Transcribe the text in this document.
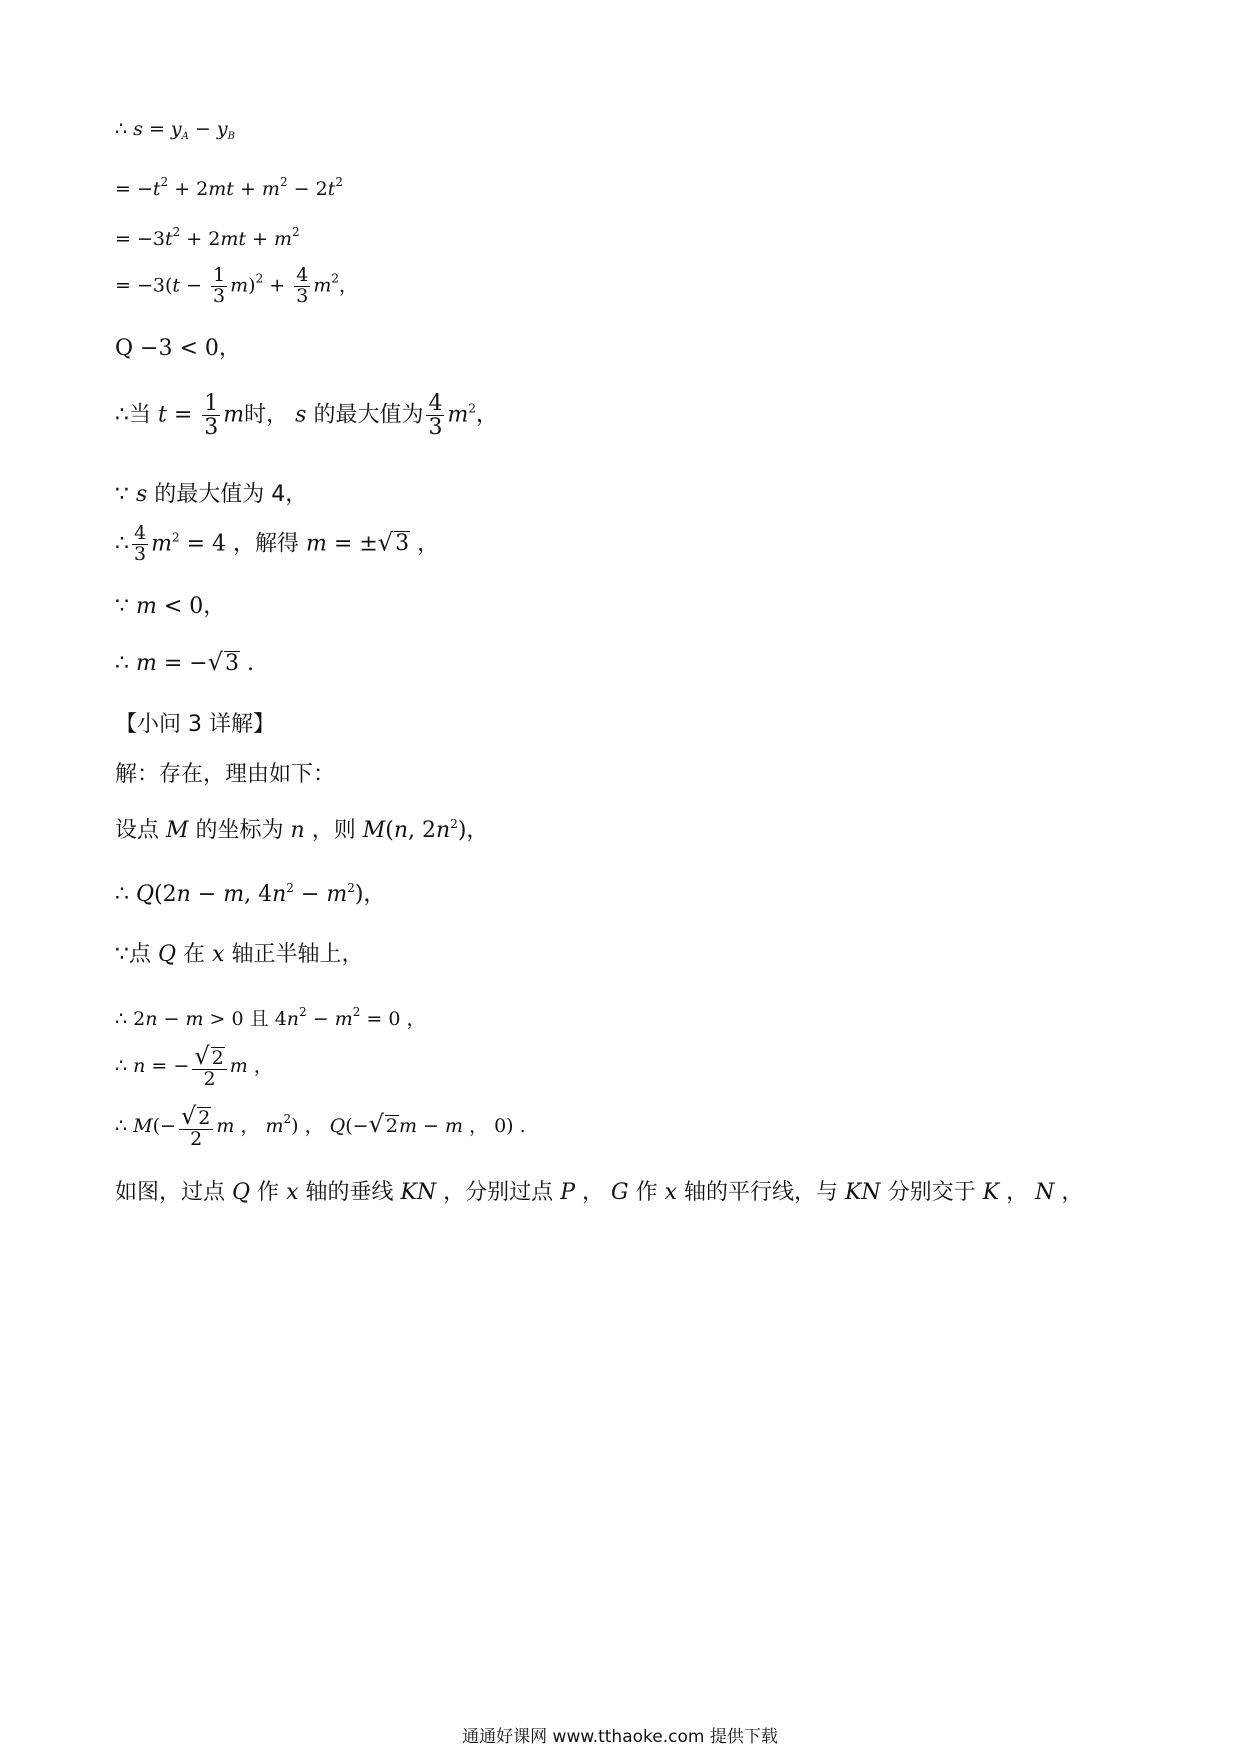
∴ $s = y_A - y_B$
= $-t^2 + 2mt + m^2 - 2t^2$
= $-3t^2 + 2mt + m^2$
= $-3(t - \frac{1}{3} m)^2 + \frac{4}{3} m^2$，
Q −3 < 0，
∴当 $t = \frac{1}{3}$ m时， s 的最大值为 $\frac{4}{3} m^2$，
∵ s 的最大值为 4，
∴ $\frac{4}{3} m^2 = 4$ ，解得 m = ±√3 ，
∵ m < 0，
∴ m = −√3 .
【小问 3 详解】
解：存在，理由如下：
设点 M 的坐标为 n ，则 M(n, $2n^2$)，
∴ Q(2n − m, $4n^2 - m^2$)，
∵点 Q 在 x 轴正半轴上，
∴ 2n − m > 0 且 $4n^2 - m^2 = 0$ ，
∴ n = − $\frac{√ 2}{2}$ m ，
∴ $M(- \frac{√ 2}{2}$ m ， $m^2$) ， Q(−√ 2m − m ， 0) .
如图，过点 Q 作 x 轴的垂线 KN ，分别过点 P ， G 作 x 轴的平行线，与 KN 分别交于 K ， N ，
通通好课网 www.tthaoke.com 提供下载
